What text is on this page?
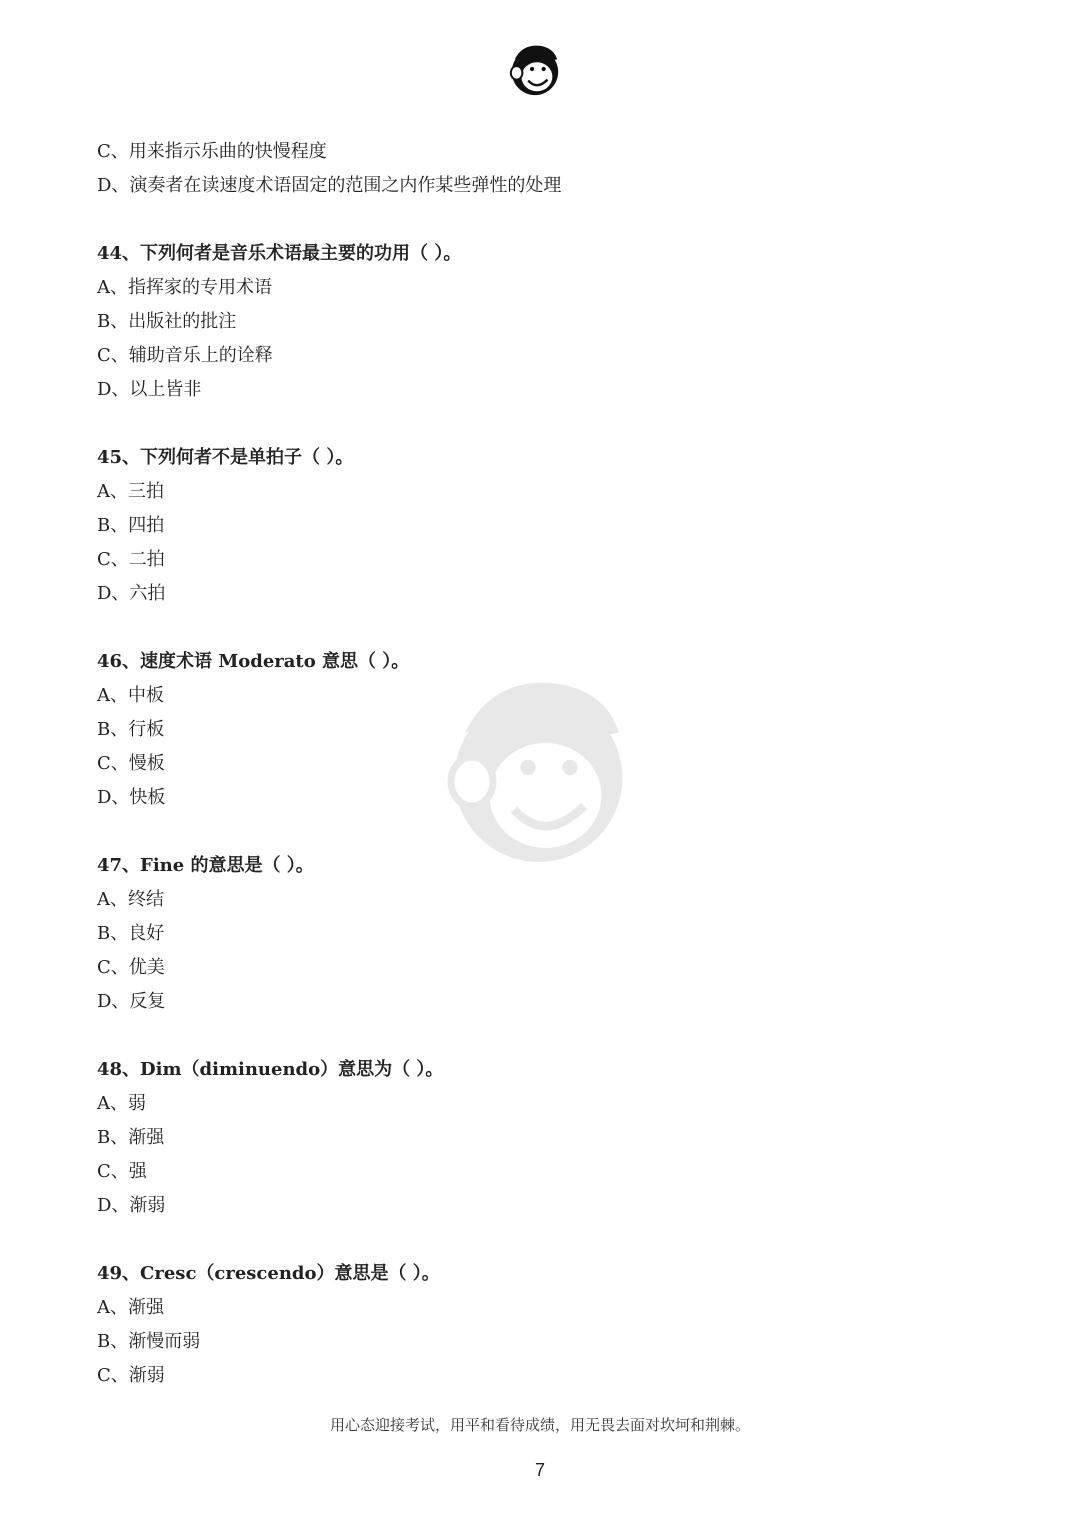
C、用来指示乐曲的快慢程度
D、演奏者在读速度术语固定的范围之内作某些弹性的处理
44、下列何者是音乐术语最主要的功用（ ）。
A、指挥家的专用术语
B、出版社的批注
C、辅助音乐上的诠释
D、以上皆非
45、下列何者不是单拍子（ ）。
A、三拍
B、四拍
C、二拍
D、六拍
46、速度术语 Moderato 意思（ ）。
A、中板
B、行板
C、慢板
D、快板
47、Fine 的意思是（ ）。
A、终结
B、良好
C、优美
D、反复
48、Dim（diminuendo）意思为（ ）。
A、弱
B、渐强
C、强
D、渐弱
49、Cresc（crescendo）意思是（ ）。
A、渐强
B、渐慢而弱
C、渐弱
用心态迎接考试，用平和看待成绩，用无畏去面对坎坷和荆棘。
7
